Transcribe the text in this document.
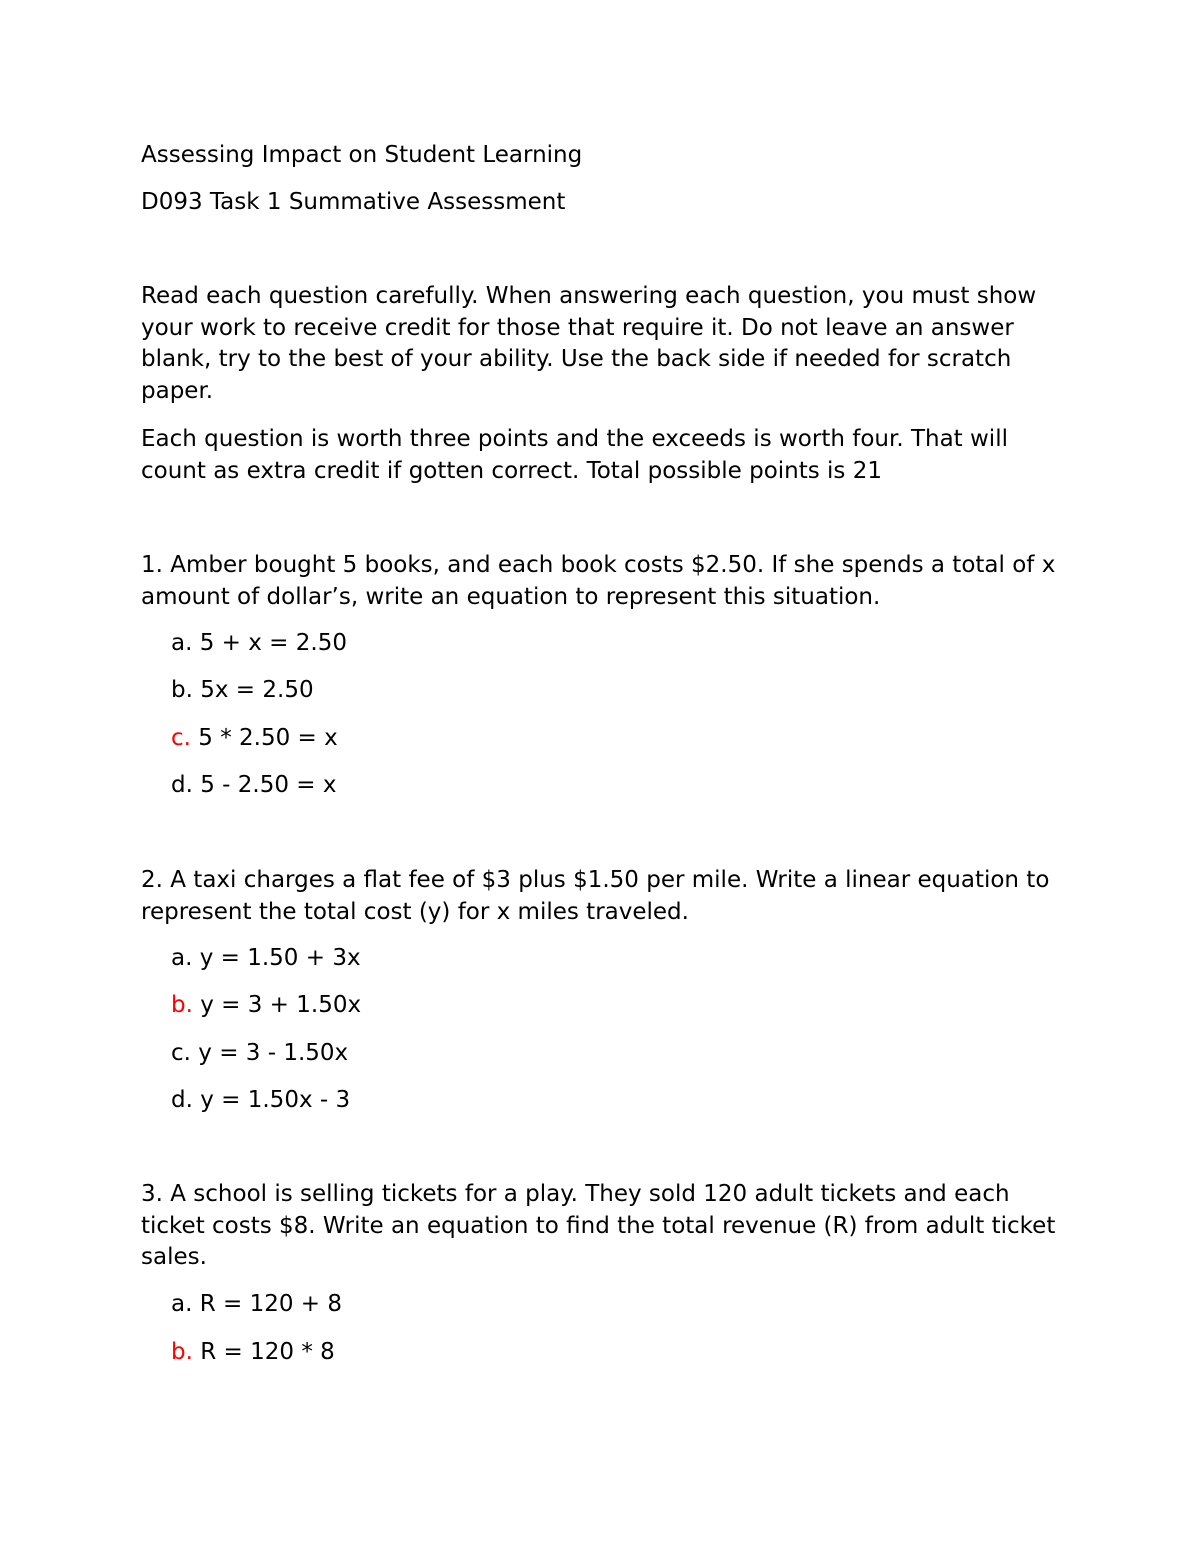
Assessing Impact on Student Learning

D093 Task 1 Summative Assessment

Read each question carefully. When answering each question, you must show your work to receive credit for those that require it. Do not leave an answer blank, try to the best of your ability. Use the back side if needed for scratch paper.

Each question is worth three points and the exceeds is worth four. That will count as extra credit if gotten correct. Total possible points is 21

1. Amber bought 5 books, and each book costs $2.50. If she spends a total of x amount of dollar’s, write an equation to represent this situation.

a. 5 + x = 2.50
b. 5x = 2.50
c. 5 * 2.50 = x
d. 5 - 2.50 = x

2. A taxi charges a flat fee of $3 plus $1.50 per mile. Write a linear equation to represent the total cost (y) for x miles traveled.

a. y = 1.50 + 3x
b. y = 3 + 1.50x
c. y = 3 - 1.50x
d. y = 1.50x - 3

3. A school is selling tickets for a play. They sold 120 adult tickets and each ticket costs $8. Write an equation to find the total revenue (R) from adult ticket sales.

a. R = 120 + 8
b. R = 120 * 8
